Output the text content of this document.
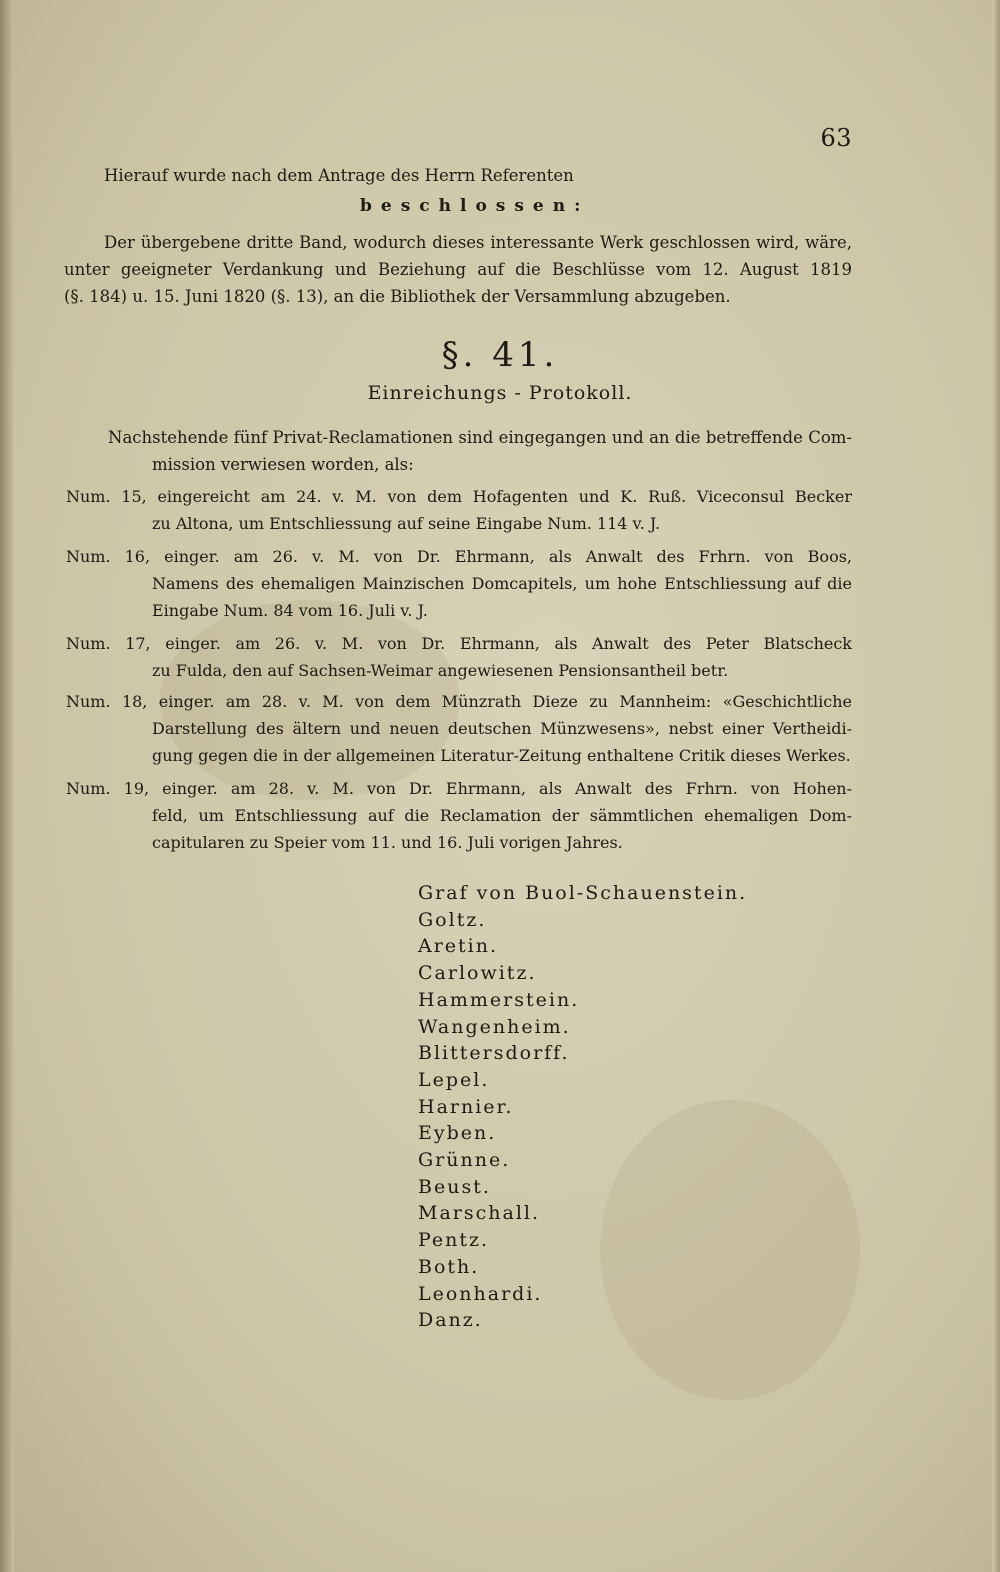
63
Hierauf wurde nach dem Antrage des Herrn Referenten
beschlossen:
Der übergebene dritte Band, wodurch dieses interessante Werk geschlossen wird, wäre,
unter geeigneter Verdankung und Beziehung auf die Beschlüsse vom 12. August 1819
(§. 184) u. 15. Juni 1820 (§. 13), an die Bibliothek der Versammlung abzugeben.
§. 41.
Einreichungs - Protokoll.
Nachstehende fünf Privat-Reclamationen sind eingegangen und an die betreffende Com-
mission verwiesen worden, als:
Num. 15, eingereicht am 24. v. M. von dem Hofagenten und K. Ruß. Viceconsul Becker
zu Altona, um Entschliessung auf seine Eingabe Num. 114 v. J.
Num. 16, einger. am 26. v. M. von Dr. Ehrmann, als Anwalt des Frhrn. von Boos,
Namens des ehemaligen Mainzischen Domcapitels, um hohe Entschliessung auf die
Eingabe Num. 84 vom 16. Juli v. J.
Num. 17, einger. am 26. v. M. von Dr. Ehrmann, als Anwalt des Peter Blatscheck
zu Fulda, den auf Sachsen-Weimar angewiesenen Pensionsantheil betr.
Num. 18, einger. am 28. v. M. von dem Münzrath Dieze zu Mannheim: «Geschichtliche
Darstellung des ältern und neuen deutschen Münzwesens», nebst einer Vertheidi-
gung gegen die in der allgemeinen Literatur-Zeitung enthaltene Critik dieses Werkes.
Num. 19, einger. am 28. v. M. von Dr. Ehrmann, als Anwalt des Frhrn. von Hohen-
feld, um Entschliessung auf die Reclamation der sämmtlichen ehemaligen Dom-
capitularen zu Speier vom 11. und 16. Juli vorigen Jahres.
Graf von Buol-Schauenstein.
Goltz.
Aretin.
Carlowitz.
Hammerstein.
Wangenheim.
Blittersdorff.
Lepel.
Harnier.
Eyben.
Grünne.
Beust.
Marschall.
Pentz.
Both.
Leonhardi.
Danz.
